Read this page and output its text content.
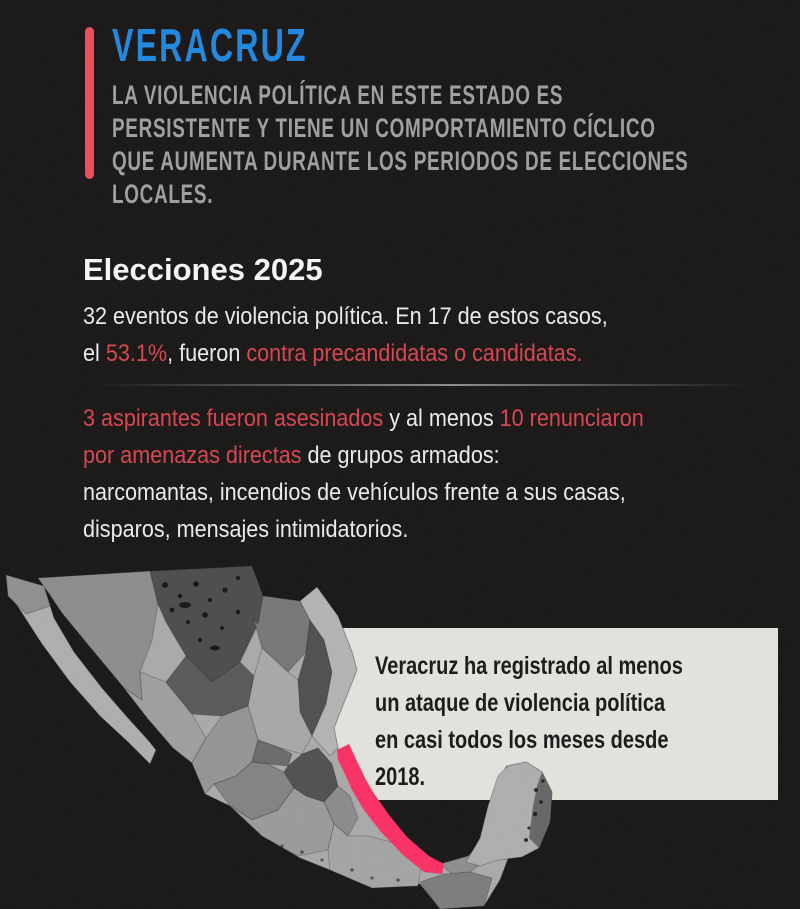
VERACRUZ
LA VIOLENCIA POLÍTICA EN ESTE ESTADO ES
PERSISTENTE Y TIENE UN COMPORTAMIENTO CÍCLICO
QUE AUMENTA DURANTE LOS PERIODOS DE ELECCIONES
LOCALES.
Elecciones 2025
32 eventos de violencia política. En 17 de estos casos,
el 53.1%, fueron contra precandidatas o candidatas.
3 aspirantes fueron asesinados y al menos 10 renunciaron
por amenazas directas de grupos armados:
narcomantas, incendios de vehículos frente a sus casas,
disparos, mensajes intimidatorios.
Veracruz ha registrado al menos
un ataque de violencia política
en casi todos los meses desde
2018.
